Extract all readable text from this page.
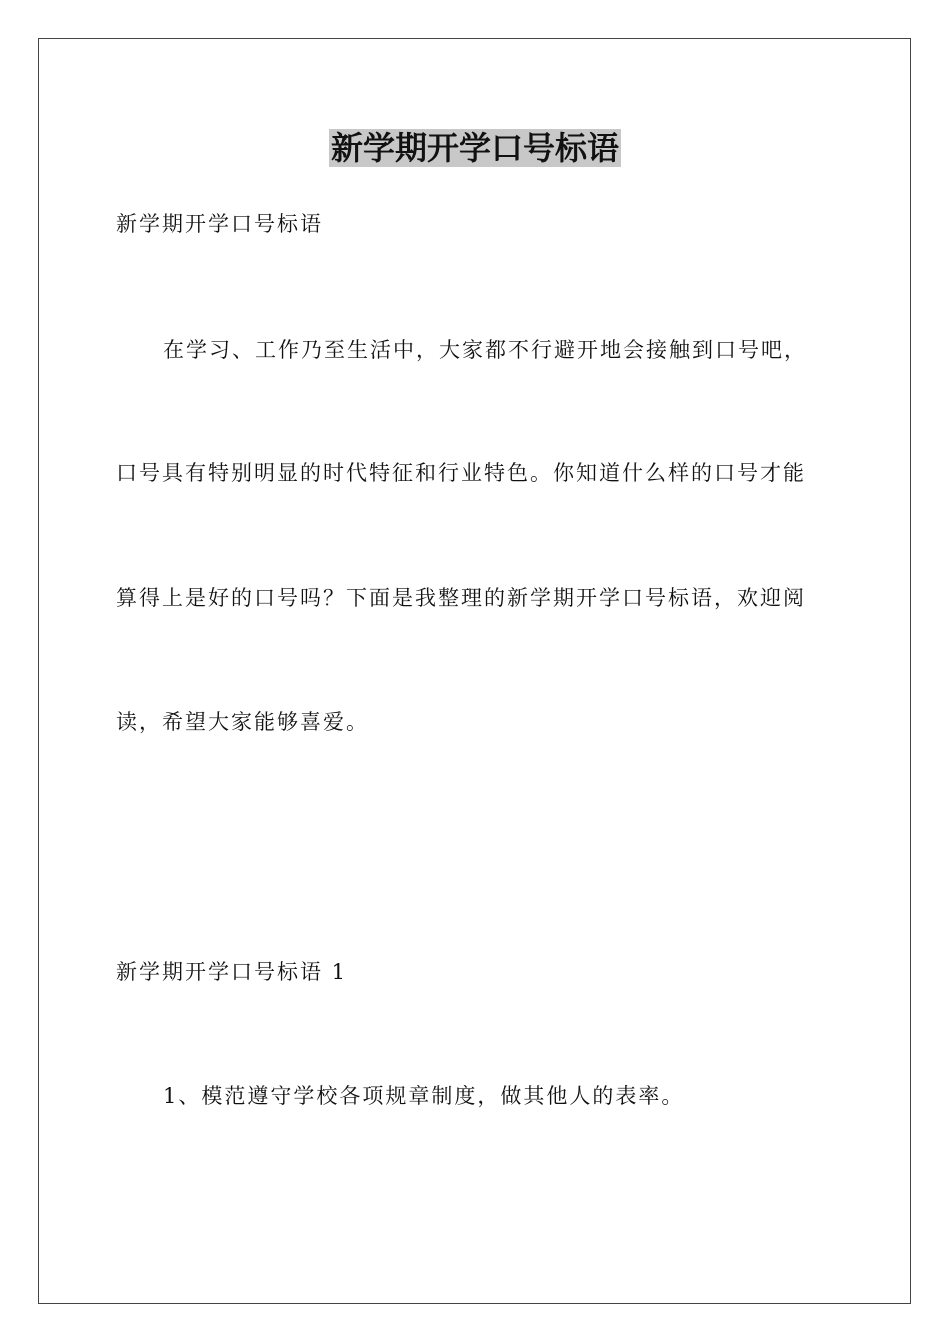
新学期开学口号标语

新学期开学口号标语

在学习、工作乃至生活中，大家都不行避开地会接触到口号吧，

口号具有特别明显的时代特征和行业特色。你知道什么样的口号才能

算得上是好的口号吗？下面是我整理的新学期开学口号标语，欢迎阅

读，希望大家能够喜爱。

新学期开学口号标语 1

1、模范遵守学校各项规章制度，做其他人的表率。
